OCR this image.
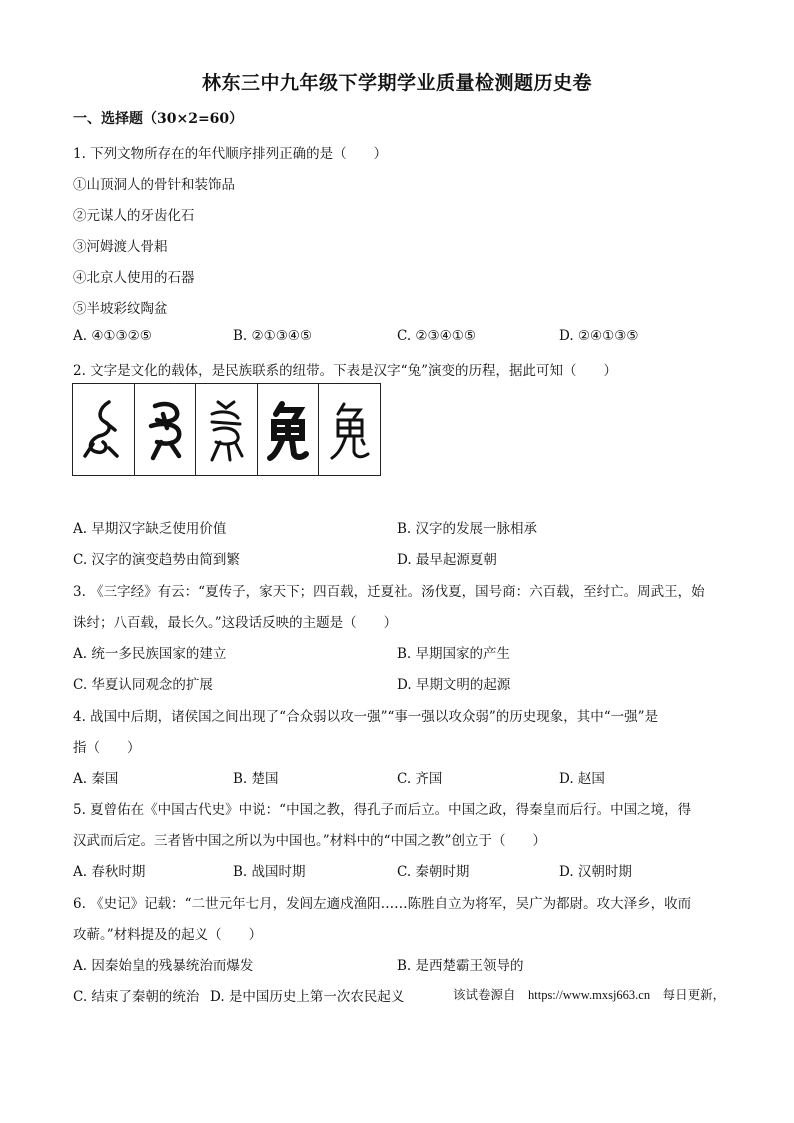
林东三中九年级下学期学业质量检测题历史卷
一、选择题（30×2=60）
1. 下列文物所存在的年代顺序排列正确的是（　　）
①山顶洞人的骨针和装饰品
②元谋人的牙齿化石
③河姆渡人骨耜
④北京人使用的石器
⑤半坡彩纹陶盆
A. ④①③②⑤	B. ②①③④⑤	C. ②③④①⑤	D. ②④①③⑤
2. 文字是文化的载体，是民族联系的纽带。下表是汉字“兔”演变的历程，据此可知（　　）
A. 早期汉字缺乏使用价值	B. 汉字的发展一脉相承
C. 汉字的演变趋势由简到繁	D. 最早起源夏朝
3. 《三字经》有云：“夏传子，家天下；四百载，迁夏社。汤伐夏，国号商：六百载，至纣亡。周武王，始
诛纣；八百载，最长久。”这段话反映的主题是（　　）
A. 统一多民族国家的建立	B. 早期国家的产生
C. 华夏认同观念的扩展	D. 早期文明的起源
4. 战国中后期，诸侯国之间出现了“合众弱以攻一强”“事一强以攻众弱”的历史现象，其中“一强”是
指（　　）
A. 秦国	B. 楚国	C. 齐国	D. 赵国
5. 夏曾佑在《中国古代史》中说：“中国之教，得孔子而后立。中国之政，得秦皇而后行。中国之境，得
汉武而后定。三者皆中国之所以为中国也。”材料中的“中国之教”创立于（　　）
A. 春秋时期	B. 战国时期	C. 秦朝时期	D. 汉朝时期
6. 《史记》记载：“二世元年七月，发闾左適戍渔阳……陈胜自立为将军，吴广为都尉。攻大泽乡，收而
攻蕲。”材料提及的起义（　　）
A. 因秦始皇的残暴统治而爆发	B. 是西楚霸王领导的
C. 结束了秦朝的统治 D. 是中国历史上第一次农民起义	该试卷源自　https://www.mxsj663.cn　每日更新，
